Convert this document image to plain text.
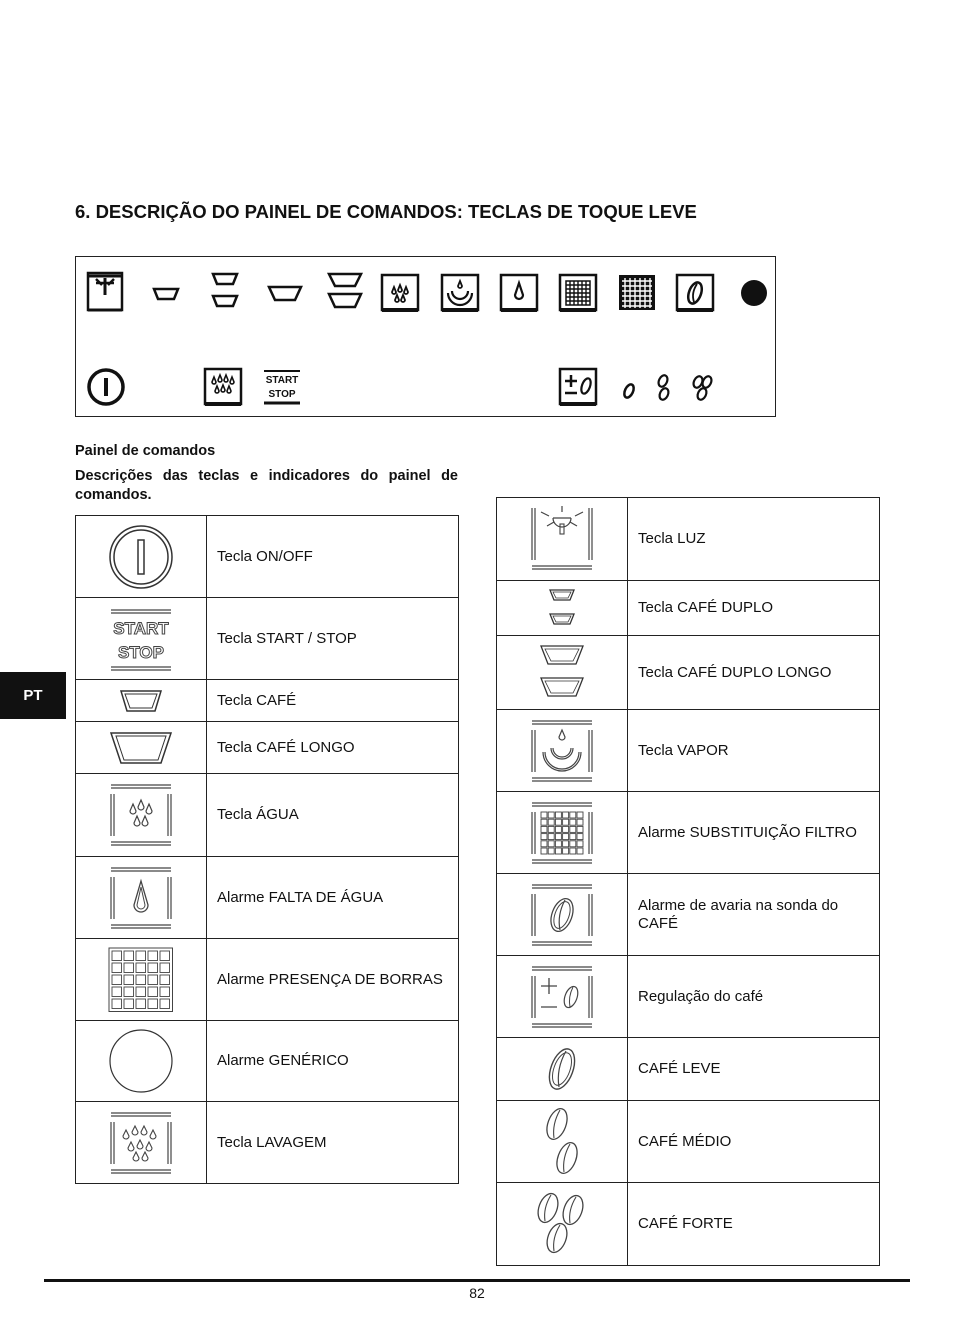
6. DESCRIÇÃO DO PAINEL DE COMANDOS: TECLAS DE TOQUE LEVE
START
STOP
Painel de comandos
Descrições das teclas e indicadores do painel de comandos.
	Tecla ON/OFF

START
STOP	Tecla START / STOP

	Tecla CAFÉ

	Tecla CAFÉ LONGO

	Tecla ÁGUA

	Alarme FALTA DE ÁGUA

	Alarme PRESENÇA DE BORRAS

	Alarme GENÉRICO

	Tecla LAVAGEM
	Tecla LUZ

	Tecla CAFÉ DUPLO

	Tecla CAFÉ DUPLO LONGO

	Tecla VAPOR

	Alarme SUBSTITUIÇÃO FILTRO

	Alarme de avaria na sonda do CAFÉ

	Regulação do café

	CAFÉ LEVE

	CAFÉ MÉDIO

	CAFÉ FORTE
PT
82
